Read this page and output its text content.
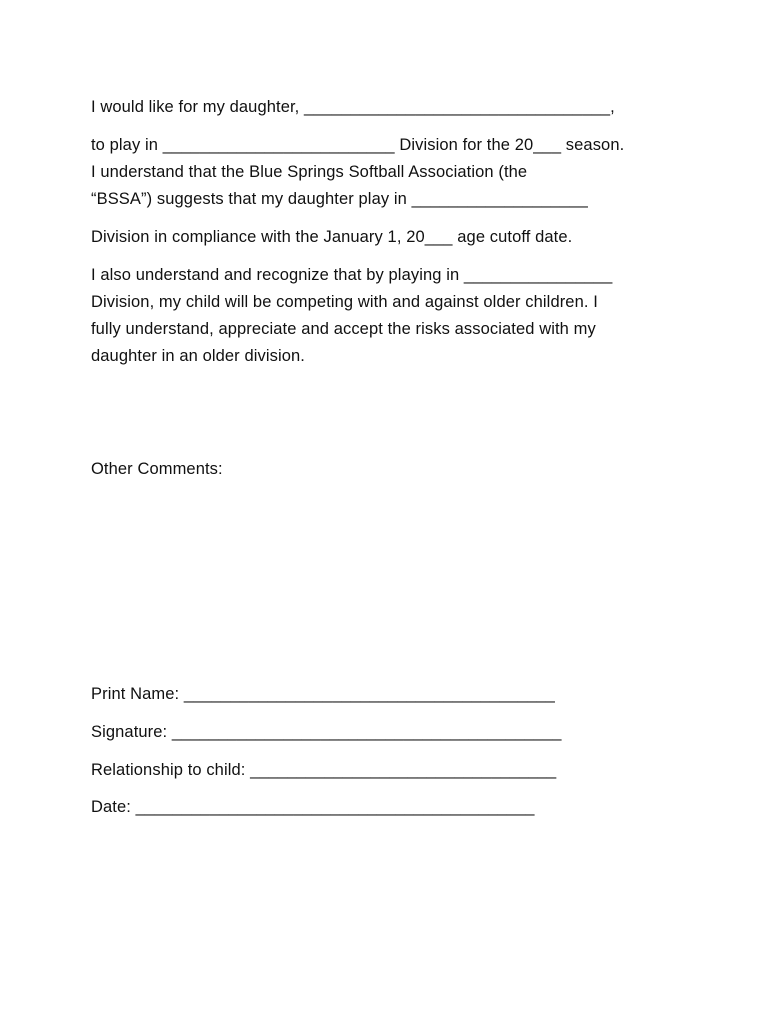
I would like for my daughter, _________________________________,
to play in _________________________ Division for the 20___ season.
I understand that the Blue Springs Softball Association (the
“BSSA”) suggests that my daughter play in ___________________
Division in compliance with the January 1, 20___ age cutoff date.
I also understand and recognize that by playing in ________________
Division, my child will be competing with and against older children. I
fully understand, appreciate and accept the risks associated with my
daughter in an older division.
Other Comments:
Print Name: ________________________________________
Signature: __________________________________________
Relationship to child: _________________________________
Date: ___________________________________________
